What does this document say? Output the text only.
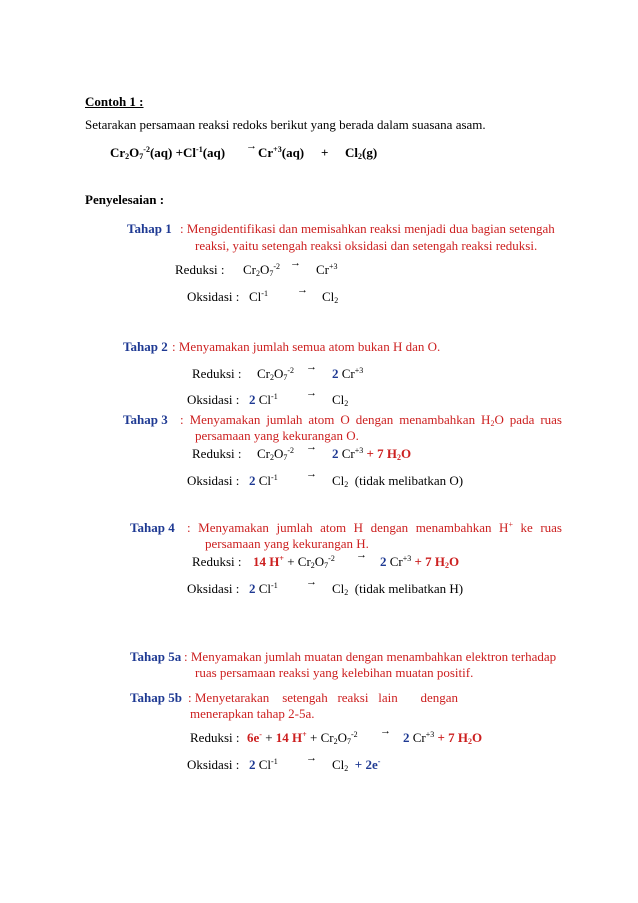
Contoh 1 :
Setarakan persamaan reaksi redoks berikut yang berada dalam suasana asam.
$Cr_2O_7^{-2}(aq) +Cl^{-1}(aq) \to Cr^{+3}(aq) + Cl_2(g)$
Penyelesaian :
Tahap 1 : Mengidentifikasi dan memisahkan reaksi menjadi dua bagian setengah
reaksi, yaitu setengah reaksi oksidasi dan setengah reaksi reduksi.
Reduksi : $Cr_2O_7^{-2} \to Cr^{+3}$
Oksidasi : $Cl^{-1}$	→ $Cl_2$
Tahap 2 : Menyamakan jumlah semua atom bukan H dan O.
Reduksi : $Cr_2O_7^{-2} \to 2$ $Cr^{+3}$
Oksidasi : 2 $Cl^{-1}$	→ $Cl_2$
Tahap 3 : Menyamakan jumlah atom O dengan menambahkan $H_2O$ pada ruas
persamaan yang kekurangan O.
Reduksi : $Cr_2O_7^{-2} \to 2$ $Cr^{+3} + 7$ $H_2O$
Oksidasi : 2 $Cl^{-1}$	→ $Cl_2$ (tidak melibatkan O)
Tahap 4 : Menyamakan jumlah atom H dengan menambahkan H+ ke ruas
persamaan yang kekurangan H.
Reduksi : 14 $H^+ + Cr_2O_7^{-2} \to 2$ $Cr^{+3} + 7$ $H_2O$
Oksidasi : 2 $Cl^{-1}$	→ $Cl_2$ (tidak melibatkan H)
Tahap 5a : Menyamakan jumlah muatan dengan menambahkan elektron terhadap
ruas persamaan reaksi yang kelebihan muatan positif.
Tahap 5b : Menyetarakan    setengah   reaksi   lain       dengan
menerapkan tahap 2-5a.
Reduksi : 6e- + 14 $H^+ + Cr_2O_7^{-2} \to 2$ $Cr^{+3} + 7$ $H_2O$
Oksidasi : 2 $Cl^{-1}$	→ $Cl_2 + 2e^-$
